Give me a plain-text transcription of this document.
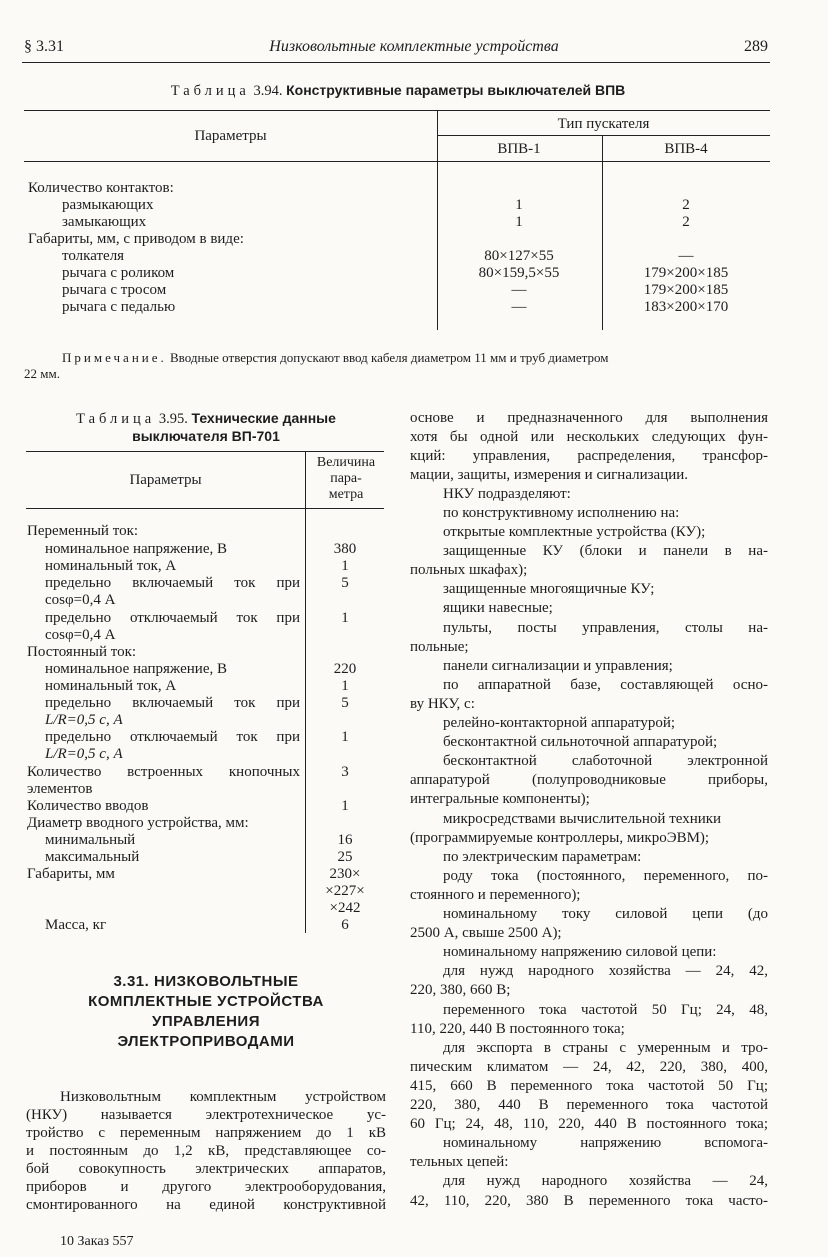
§ 3.31	Низковольтные комплектные устройства	289
Таблица 3.94. Конструктивные параметры выключателей ВПВ
Параметры
Тип пускателя
ВПВ-1	ВПВ-4
Количество контактов:
размыкающих	1	2
замыкающих	1	2
Габариты, мм, с приводом в виде:
толкателя	80×127×55	—
рычага с роликом	80×159,5×55	179×200×185
рычага с тросом	—	179×200×185
рычага с педалью	—	183×200×170
Примечание. Вводные отверстия допускают ввод кабеля диаметром 11 мм и труб диаметром
22 мм.
Таблица 3.95. Технические данные
выключателя ВП-701
Параметры
Величина
пара-
метра
Переменный ток:
номинальное напряжение, В	380
номинальный ток, А	1
предельно включаемый ток при	5
cosφ=0,4 А
предельно отключаемый ток при	1
cosφ=0,4 А
Постоянный ток:
номинальное напряжение, В	220
номинальный ток, А	1
предельно включаемый ток при	5
L/R=0,5 с, А
предельно отключаемый ток при	1
L/R=0,5 с, А
Количество встроенных кнопочных	3
элементов
Количество вводов	1
Диаметр вводного устройства, мм:
минимальный	16
максимальный	25
Габариты, мм	230×
×227×
×242
Масса, кг	6
3.31. НИЗКОВОЛЬТНЫЕ
КОМПЛЕКТНЫЕ УСТРОЙСТВА
УПРАВЛЕНИЯ
ЭЛЕКТРОПРИВОДАМИ
Низковольтным комплектным устройством
(НКУ) называется электротехническое ус-
тройство с переменным напряжением до 1 кВ
и постоянным до 1,2 кВ, представляющее со-
бой совокупность электрических аппаратов,
приборов и другого электрооборудования,
смонтированного на единой конструктивной
основе и предназначенного для выполнения
хотя бы одной или нескольких следующих фун-
кций: управления, распределения, трансфор-
мации, защиты, измерения и сигнализации.
НКУ подразделяют:
по конструктивному исполнению на:
открытые комплектные устройства (КУ);
защищенные КУ (блоки и панели в на-
польных шкафах);
защищенные многоящичные КУ;
ящики навесные;
пульты, посты управления, столы на-
польные;
панели сигнализации и управления;
по аппаратной базе, составляющей осно-
ву НКУ, с:
релейно-контакторной аппаратурой;
бесконтактной сильноточной аппаратурой;
бесконтактной слаботочной электронной
аппаратурой (полупроводниковые приборы,
интегральные компоненты);
микросредствами вычислительной техники
(программируемые контроллеры, микроЭВМ);
по электрическим параметрам:
роду тока (постоянного, переменного, по-
стоянного и переменного);
номинальному току силовой цепи (до
2500 А, свыше 2500 А);
номинальному напряжению силовой цепи:
для нужд народного хозяйства — 24, 42,
220, 380, 660 В;
переменного тока частотой 50 Гц; 24, 48,
110, 220, 440 В постоянного тока;
для экспорта в страны с умеренным и тро-
пическим климатом — 24, 42, 220, 380, 400,
415, 660 В переменного тока частотой 50 Гц;
220, 380, 440 В переменного тока частотой
60 Гц; 24, 48, 110, 220, 440 В постоянного тока;
номинальному напряжению вспомога-
тельных цепей:
для нужд народного хозяйства — 24,
42, 110, 220, 380 В переменного тока часто-
10 Заказ 557
